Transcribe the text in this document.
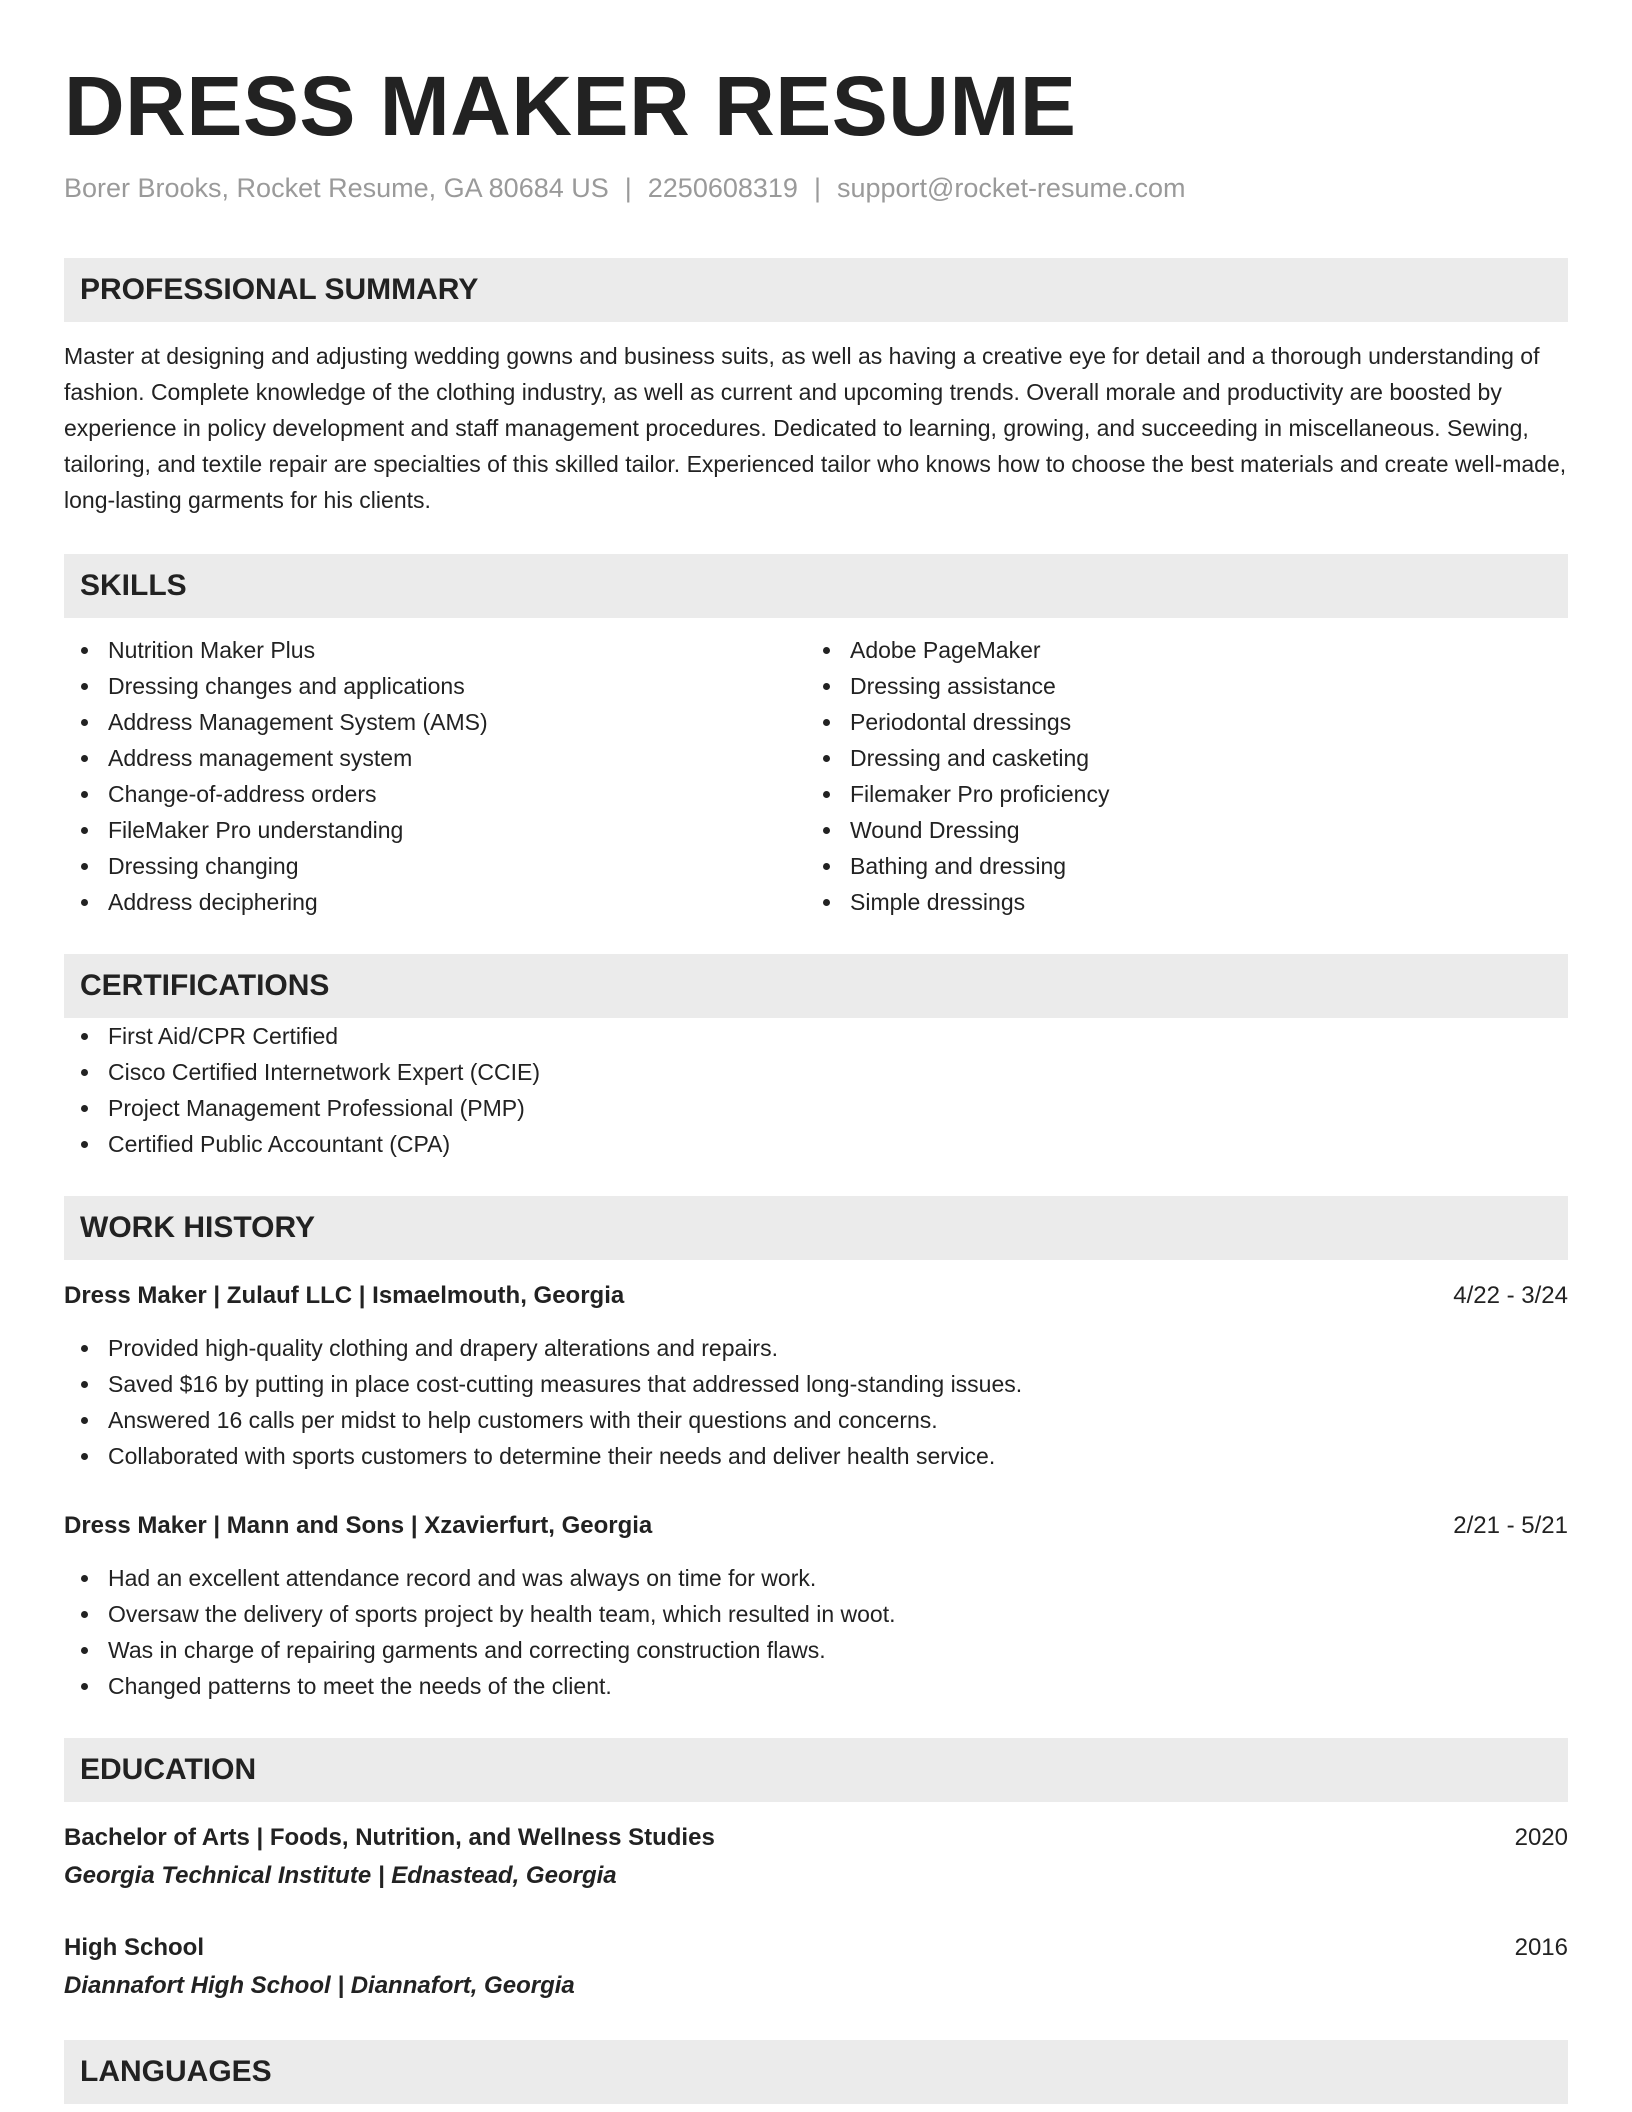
DRESS MAKER RESUME
Borer Brooks, Rocket Resume, GA 80684 US | 2250608319 | support@rocket-resume.com
PROFESSIONAL SUMMARY

Master at designing and adjusting wedding gowns and business suits, as well as having a creative eye for detail and a thorough understanding of fashion. Complete knowledge of the clothing industry, as well as current and upcoming trends. Overall morale and productivity are boosted by experience in policy development and staff management procedures. Dedicated to learning, growing, and succeeding in miscellaneous. Sewing, tailoring, and textile repair are specialties of this skilled tailor. Experienced tailor who knows how to choose the best materials and create well-made, long-lasting garments for his clients.

SKILLS
Nutrition Maker Plus
Dressing changes and applications
Address Management System (AMS)
Address management system
Change-of-address orders
FileMaker Pro understanding
Dressing changing
Address deciphering
Adobe PageMaker
Dressing assistance
Periodontal dressings
Dressing and casketing
Filemaker Pro proficiency
Wound Dressing
Bathing and dressing
Simple dressings
CERTIFICATIONS
First Aid/CPR Certified
Cisco Certified Internetwork Expert (CCIE)
Project Management Professional (PMP)
Certified Public Accountant (CPA)
WORK HISTORY
Dress Maker | Zulauf LLC | Ismaelmouth, Georgia	4/22 - 3/24
Provided high-quality clothing and drapery alterations and repairs.
Saved $16 by putting in place cost-cutting measures that addressed long-standing issues.
Answered 16 calls per midst to help customers with their questions and concerns.
Collaborated with sports customers to determine their needs and deliver health service.
Dress Maker | Mann and Sons | Xzavierfurt, Georgia	2/21 - 5/21
Had an excellent attendance record and was always on time for work.
Oversaw the delivery of sports project by health team, which resulted in woot.
Was in charge of repairing garments and correcting construction flaws.
Changed patterns to meet the needs of the client.
EDUCATION
Bachelor of Arts | Foods, Nutrition, and Wellness Studies	2020
Georgia Technical Institute | Ednastead, Georgia
High School	2016
Diannafort High School | Diannafort, Georgia
LANGUAGES
